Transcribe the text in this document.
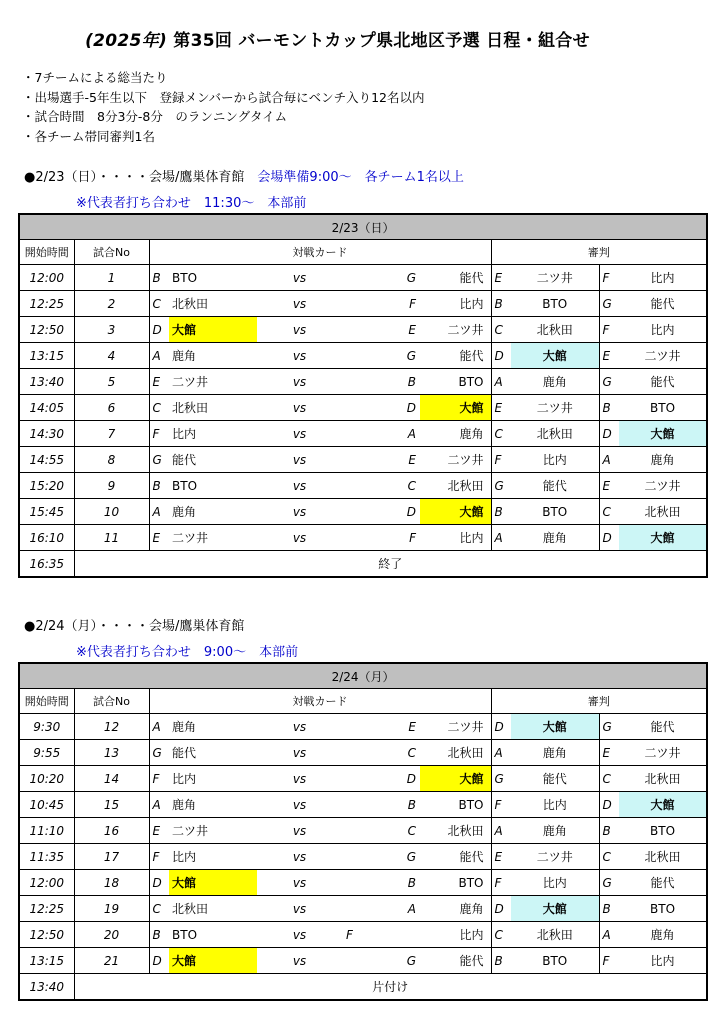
(2025年) 第35回 バーモントカップ県北地区予選 日程・組合せ
・7チームによる総当たり
・出場選手-5年生以下　登録メンバーから試合毎にベンチ入り12名以内
・試合時間　8分3分-8分　のランニングタイム
・各チーム帯同審判1名
●2/23（日）・・・・会場/鷹巣体育館　会場準備9:00～　各チーム1名以上
※代表者打ち合わせ　11:30～　本部前
2/23（日）										
開始時間	試合No	対戦カード					審判			
12:00	1	B	BTO	vs	G	能代	E	二ツ井	F	比内
12:25	2	C	北秋田	vs	F	比内	B	BTO	G	能代
12:50	3	D	大館	vs	E	二ツ井	C	北秋田	F	比内
13:15	4	A	鹿角	vs	G	能代	D	大館	E	二ツ井
13:40	5	E	二ツ井	vs	B	BTO	A	鹿角	G	能代
14:05	6	C	北秋田	vs	D	大館	E	二ツ井	B	BTO
14:30	7	F	比内	vs	A	鹿角	C	北秋田	D	大館
14:55	8	G	能代	vs	E	二ツ井	F	比内	A	鹿角
15:20	9	B	BTO	vs	C	北秋田	G	能代	E	二ツ井
15:45	10	A	鹿角	vs	D	大館	B	BTO	C	北秋田
16:10	11	E	二ツ井	vs	F	比内	A	鹿角	D	大館
16:35	終了									
●2/24（月）・・・・会場/鷹巣体育館
※代表者打ち合わせ　9:00～　本部前
2/24（月）										
開始時間	試合No	対戦カード					審判			
9:30	12	A	鹿角	vs	E	二ツ井	D	大館	G	能代
9:55	13	G	能代	vs	C	北秋田	A	鹿角	E	二ツ井
10:20	14	F	比内	vs	D	大館	G	能代	C	北秋田
10:45	15	A	鹿角	vs	B	BTO	F	比内	D	大館
11:10	16	E	二ツ井	vs	C	北秋田	A	鹿角	B	BTO
11:35	17	F	比内	vs	G	能代	E	二ツ井	C	北秋田
12:00	18	D	大館	vs	B	BTO	F	比内	G	能代
12:25	19	C	北秋田	vs	A	鹿角	D	大館	B	BTO
12:50	20	B	BTO	vs	F	比内	C	北秋田	A	鹿角
13:15	21	D	大館	vs	G	能代	B	BTO	F	比内
13:40	片付け									
